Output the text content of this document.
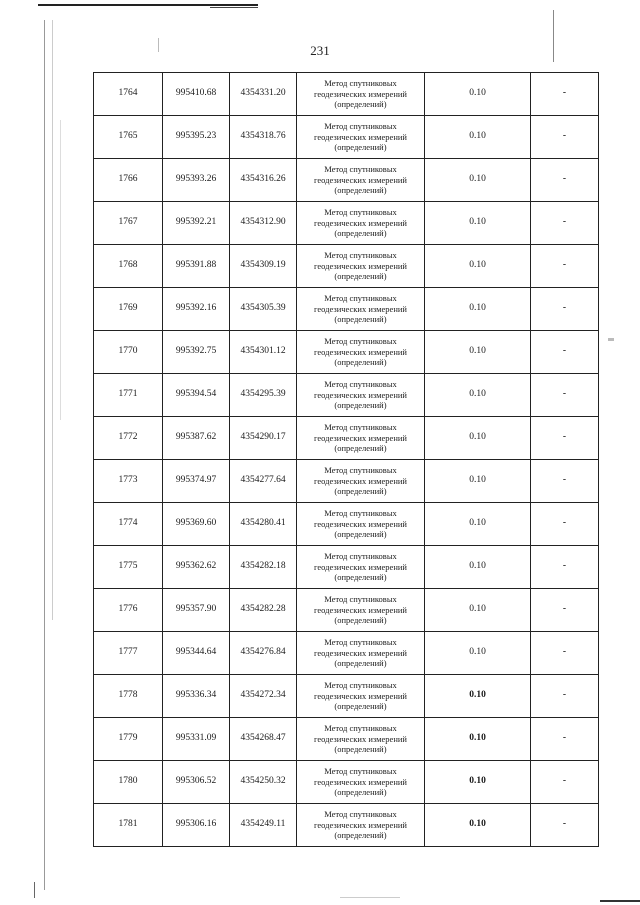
231
1764	995410.68	4354331.20	Метод спутниковых
геодезических измерений
(определений)	0.10	-
1765	995395.23	4354318.76	Метод спутниковых
геодезических измерений
(определений)	0.10	-
1766	995393.26	4354316.26	Метод спутниковых
геодезических измерений
(определений)	0.10	-
1767	995392.21	4354312.90	Метод спутниковых
геодезических измерений
(определений)	0.10	-
1768	995391.88	4354309.19	Метод спутниковых
геодезических измерений
(определений)	0.10	-
1769	995392.16	4354305.39	Метод спутниковых
геодезических измерений
(определений)	0.10	-
1770	995392.75	4354301.12	Метод спутниковых
геодезических измерений
(определений)	0.10	-
1771	995394.54	4354295.39	Метод спутниковых
геодезических измерений
(определений)	0.10	-
1772	995387.62	4354290.17	Метод спутниковых
геодезических измерений
(определений)	0.10	-
1773	995374.97	4354277.64	Метод спутниковых
геодезических измерений
(определений)	0.10	-
1774	995369.60	4354280.41	Метод спутниковых
геодезических измерений
(определений)	0.10	-
1775	995362.62	4354282.18	Метод спутниковых
геодезических измерений
(определений)	0.10	-
1776	995357.90	4354282.28	Метод спутниковых
геодезических измерений
(определений)	0.10	-
1777	995344.64	4354276.84	Метод спутниковых
геодезических измерений
(определений)	0.10	-
1778	995336.34	4354272.34	Метод спутниковых
геодезических измерений
(определений)	0.10	-
1779	995331.09	4354268.47	Метод спутниковых
геодезических измерений
(определений)	0.10	-
1780	995306.52	4354250.32	Метод спутниковых
геодезических измерений
(определений)	0.10	-
1781	995306.16	4354249.11	Метод спутниковых
геодезических измерений
(определений)	0.10	-
